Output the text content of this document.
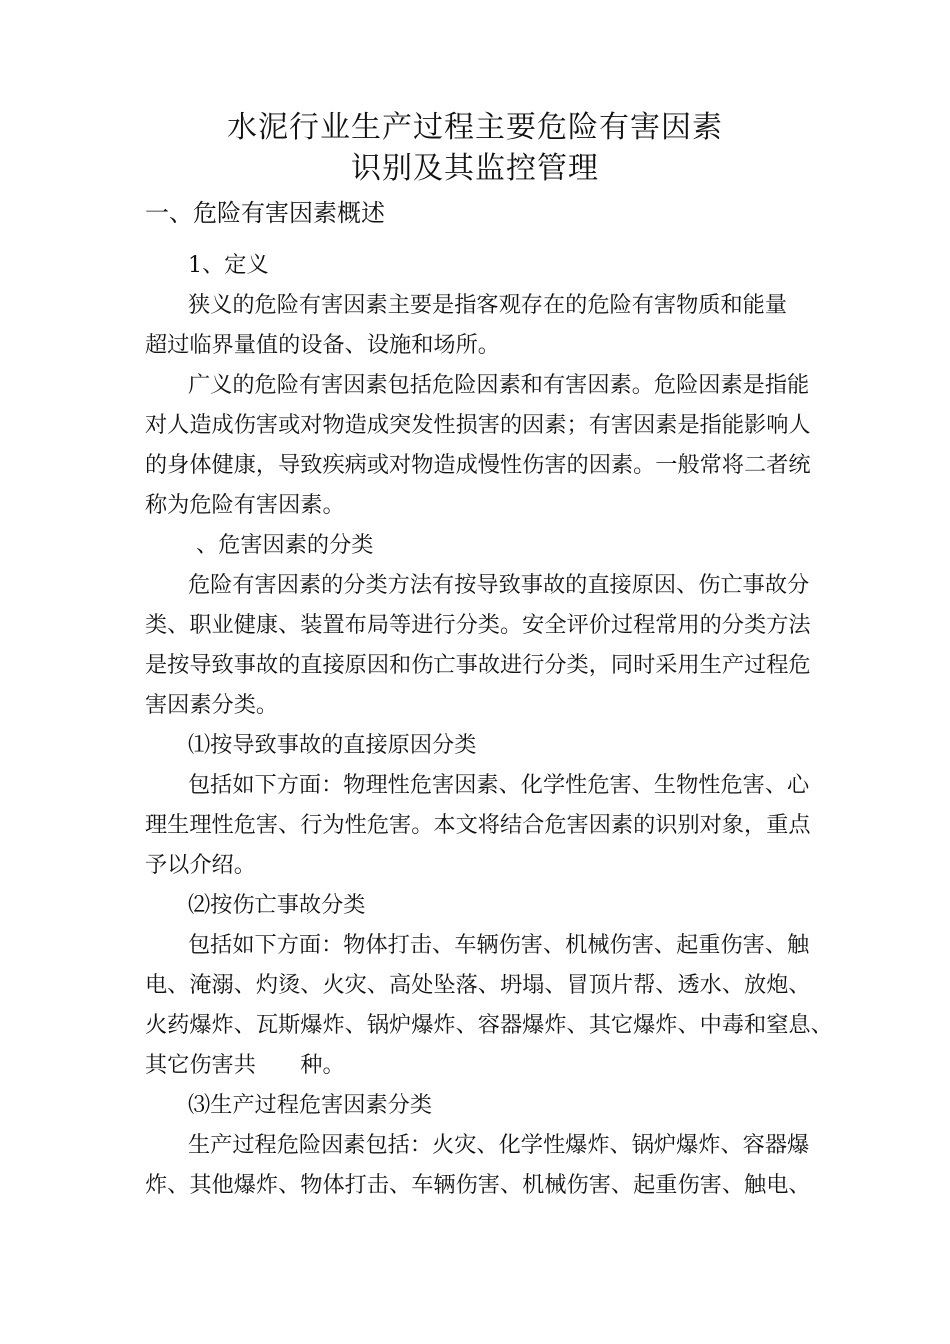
水泥行业生产过程主要危险有害因素
识别及其监控管理
一、危险有害因素概述
1、定义
狭义的危险有害因素主要是指客观存在的危险有害物质和能量
超过临界量值的设备、设施和场所。
广义的危险有害因素包括危险因素和有害因素。危险因素是指能
对人造成伤害或对物造成突发性损害的因素；有害因素是指能影响人
的身体健康，导致疾病或对物造成慢性伤害的因素。一般常将二者统
称为危险有害因素。
、危害因素的分类
危险有害因素的分类方法有按导致事故的直接原因、伤亡事故分
类、职业健康、装置布局等进行分类。安全评价过程常用的分类方法
是按导致事故的直接原因和伤亡事故进行分类，同时采用生产过程危
害因素分类。
⑴按导致事故的直接原因分类
包括如下方面：物理性危害因素、化学性危害、生物性危害、心
理生理性危害、行为性危害。本文将结合危害因素的识别对象，重点
予以介绍。
⑵按伤亡事故分类
包括如下方面：物体打击、车辆伤害、机械伤害、起重伤害、触
电、淹溺、灼烫、火灾、高处坠落、坍塌、冒顶片帮、透水、放炮、
火药爆炸、瓦斯爆炸、锅炉爆炸、容器爆炸、其它爆炸、中毒和窒息、
其它伤害共　　种。
⑶生产过程危害因素分类
生产过程危险因素包括：火灾、化学性爆炸、锅炉爆炸、容器爆
炸、其他爆炸、物体打击、车辆伤害、机械伤害、起重伤害、触电、
